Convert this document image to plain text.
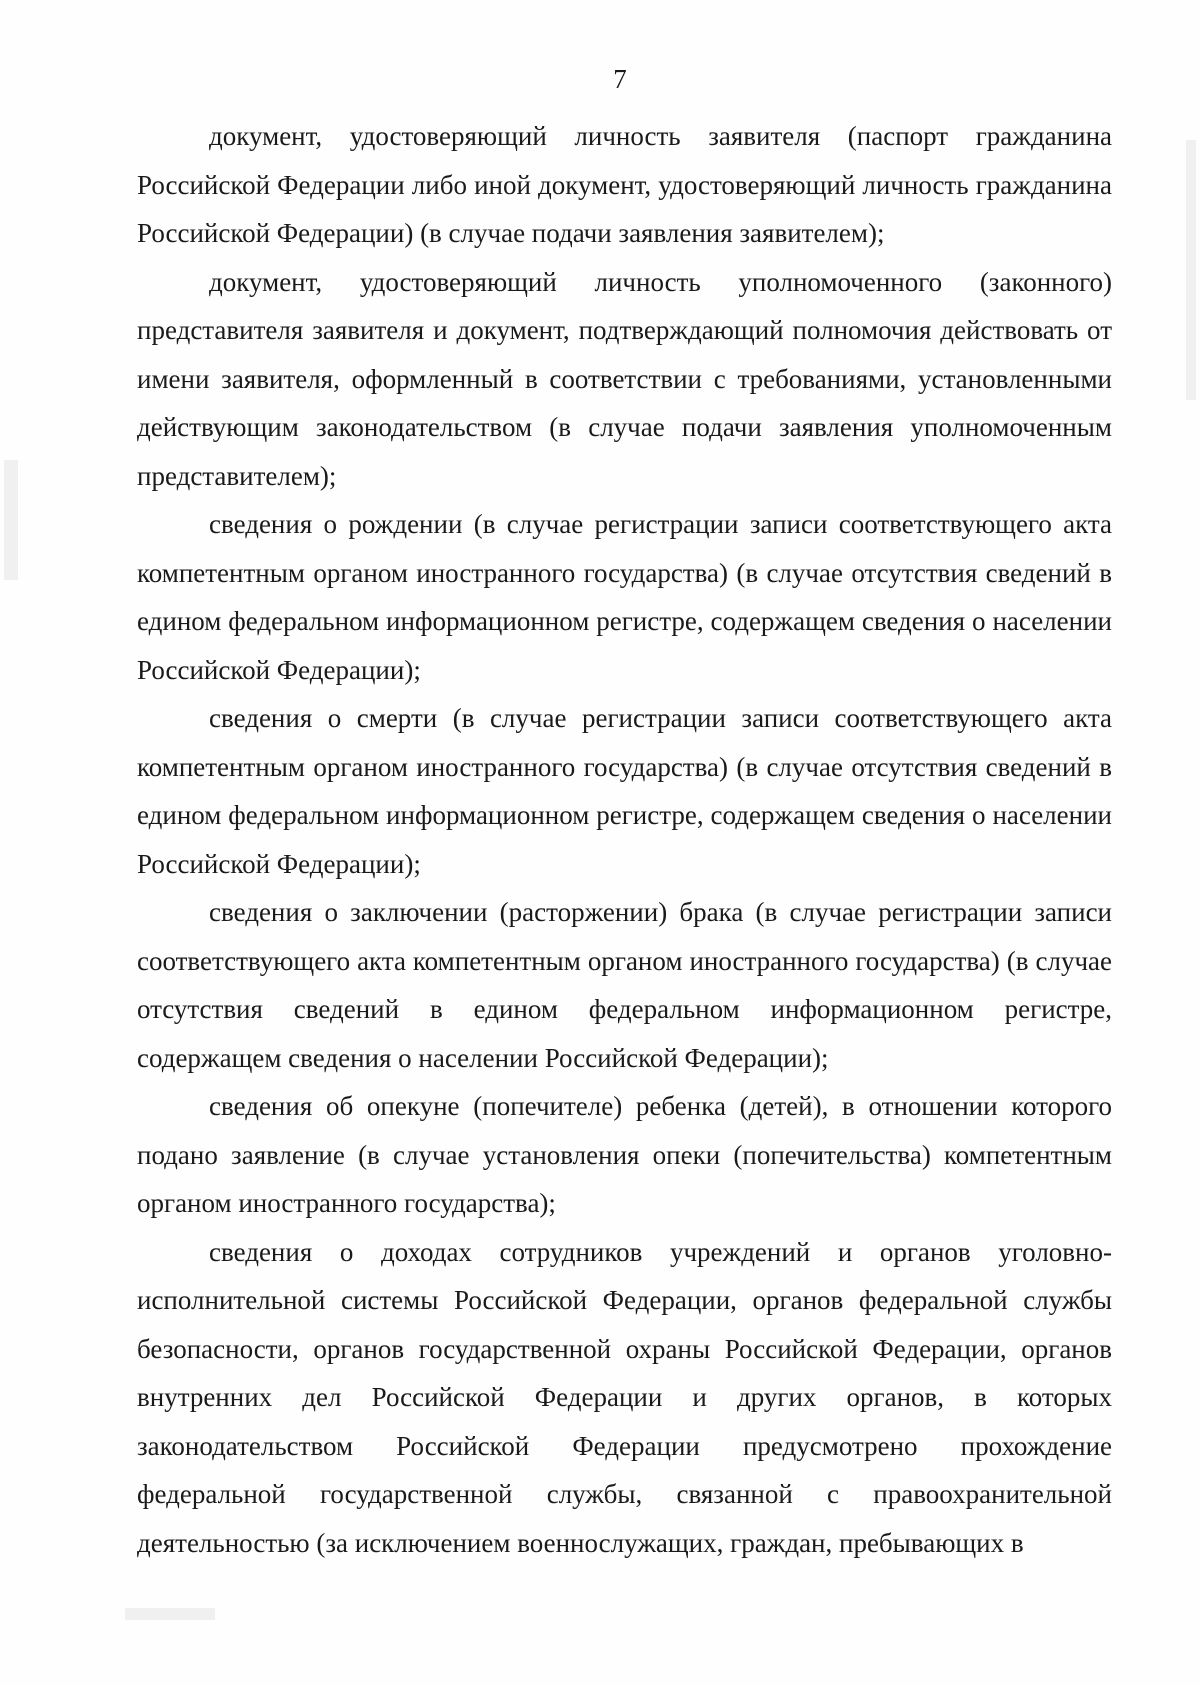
7

документ, удостоверяющий личность заявителя (паспорт гражданина Российской Федерации либо иной документ, удостоверяющий личность гражданина Российской Федерации) (в случае подачи заявления заявителем);

документ, удостоверяющий личность уполномоченного (законного) представителя заявителя и документ, подтверждающий полномочия действовать от имени заявителя, оформленный в соответствии с требованиями, установленными действующим законодательством (в случае подачи заявления уполномоченным представителем);

сведения о рождении (в случае регистрации записи соответствующего акта компетентным органом иностранного государства) (в случае отсутствия сведений в едином федеральном информационном регистре, содержащем сведения о населении Российской Федерации);

сведения о смерти (в случае регистрации записи соответствующего акта компетентным органом иностранного государства) (в случае отсутствия сведений в едином федеральном информационном регистре, содержащем сведения о населении Российской Федерации);

сведения о заключении (расторжении) брака (в случае регистрации записи соответствующего акта компетентным органом иностранного государства) (в случае отсутствия сведений в едином федеральном информационном регистре, содержащем сведения о населении Российской Федерации);

сведения об опекуне (попечителе) ребенка (детей), в отношении которого подано заявление (в случае установления опеки (попечительства) компетентным органом иностранного государства);

сведения о доходах сотрудников учреждений и органов уголовно-исполнительной системы Российской Федерации, органов федеральной службы безопасности, органов государственной охраны Российской Федерации, органов внутренних дел Российской Федерации и других органов, в которых законодательством Российской Федерации предусмотрено прохождение федеральной государственной службы, связанной с правоохранительной деятельностью (за исключением военнослужащих, граждан, пребывающих в
